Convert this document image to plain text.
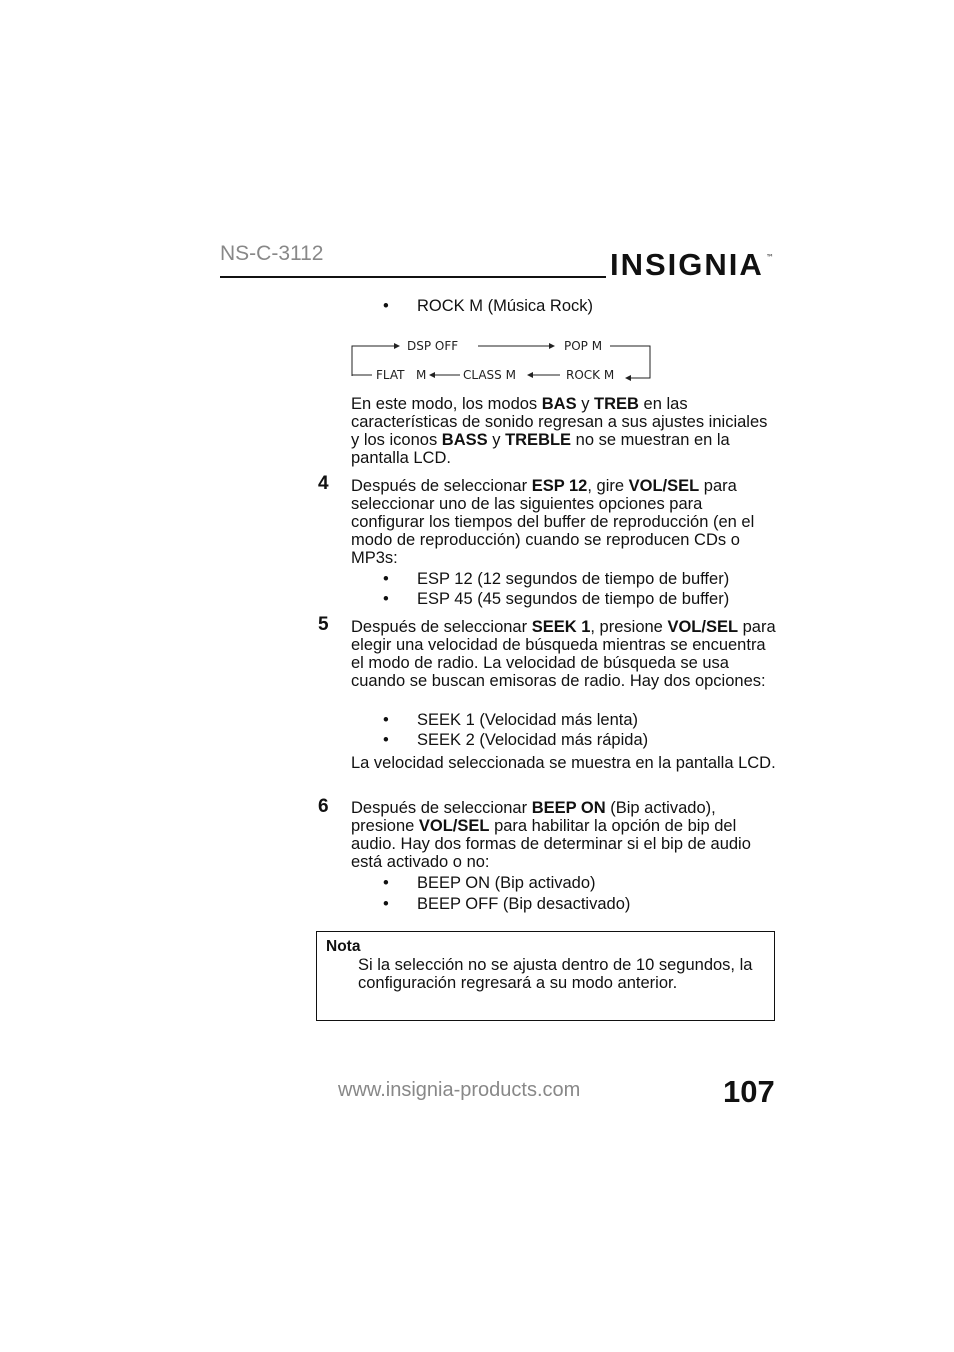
NS-C-3112	INSIGNIA ™
• ROCK M (Música Rock)
DSP OFF	POP M
ROCK M
CLASS M
M
FLAT
En este modo, los modos BAS y TREB en las características de sonido regresan a sus ajustes iniciales y los iconos BASS y TREBLE no se muestran en la pantalla LCD.
4 Después de seleccionar ESP 12, gire VOL/SEL para seleccionar uno de las siguientes opciones para configurar los tiempos del buffer de reproducción (en el modo de reproducción) cuando se reproducen CDs o MP3s:
• ESP 12 (12 segundos de tiempo de buffer)
• ESP 45 (45 segundos de tiempo de buffer)
5 Después de seleccionar SEEK 1, presione VOL/SEL para elegir una velocidad de búsqueda mientras se encuentra el modo de radio. La velocidad de búsqueda se usa cuando se buscan emisoras de radio. Hay dos opciones:
• SEEK 1 (Velocidad más lenta)
• SEEK 2 (Velocidad más rápida)
La velocidad seleccionada se muestra en la pantalla LCD.
6 Después de seleccionar BEEP ON (Bip activado), presione VOL/SEL para habilitar la opción de bip del audio. Hay dos formas de determinar si el bip de audio está activado o no:
• BEEP ON (Bip activado)
• BEEP OFF (Bip desactivado)
Nota
Si la selección no se ajusta dentro de 10 segundos, la configuración regresará a su modo anterior.
www.insignia-products.com	107
